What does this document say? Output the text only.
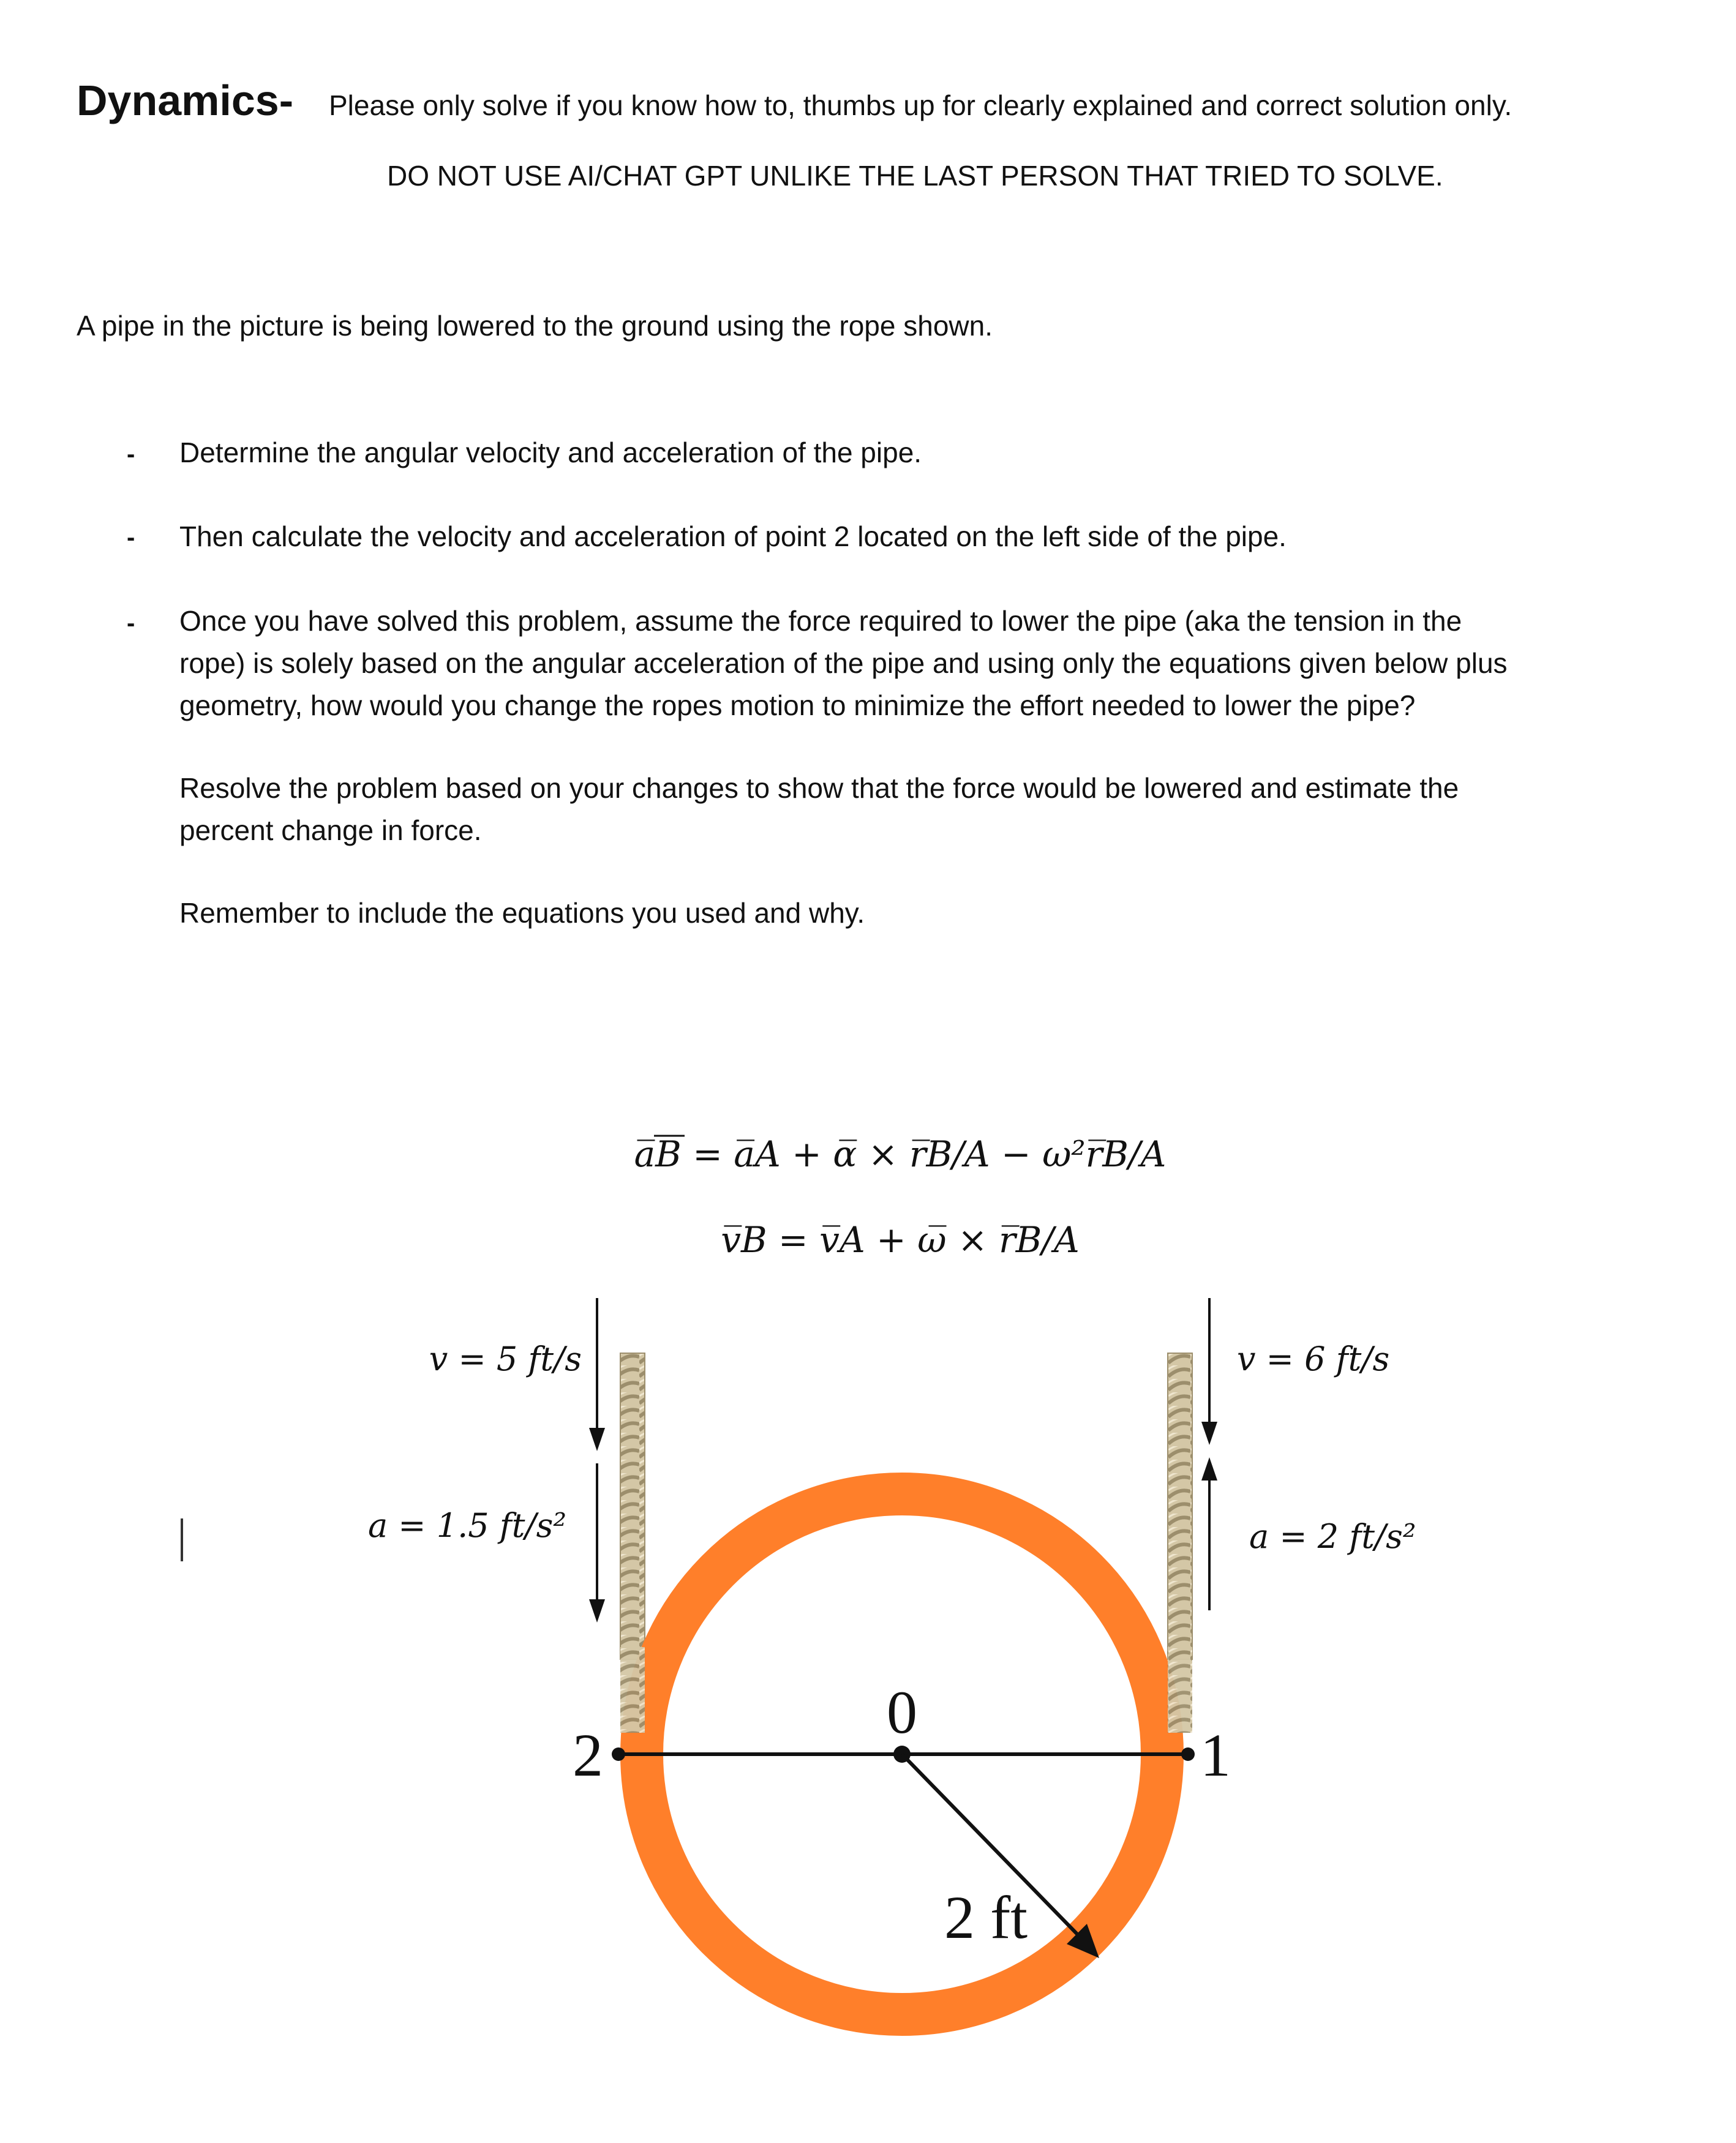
Dynamics- Please only solve if you know how to, thumbs up for clearly explained and correct solution only.
DO NOT USE AI/CHAT GPT UNLIKE THE LAST PERSON THAT TRIED TO SOLVE.
A pipe in the picture is being lowered to the ground using the rope shown.
- Determine the angular velocity and acceleration of the pipe.
- Then calculate the velocity and acceleration of point 2 located on the left side of the pipe.
- Once you have solved this problem, assume the force required to lower the pipe (aka the tension in the
rope) is solely based on the angular acceleration of the pipe and using only the equations given below plus
geometry, how would you change the ropes motion to minimize the effort needed to lower the pipe?
Resolve the problem based on your changes to show that the force would be lowered and estimate the
percent change in force.
Remember to include the equations you used and why.
a̅B = a̅A + α̅ × r̅B/A − ω²r̅B/A
v̅B = v̅A + ω̅ × r̅B/A
0
2	1
2 ft
v = 5 ft/s
a = 1.5 ft/s²
v = 6 ft/s
a = 2 ft/s²
